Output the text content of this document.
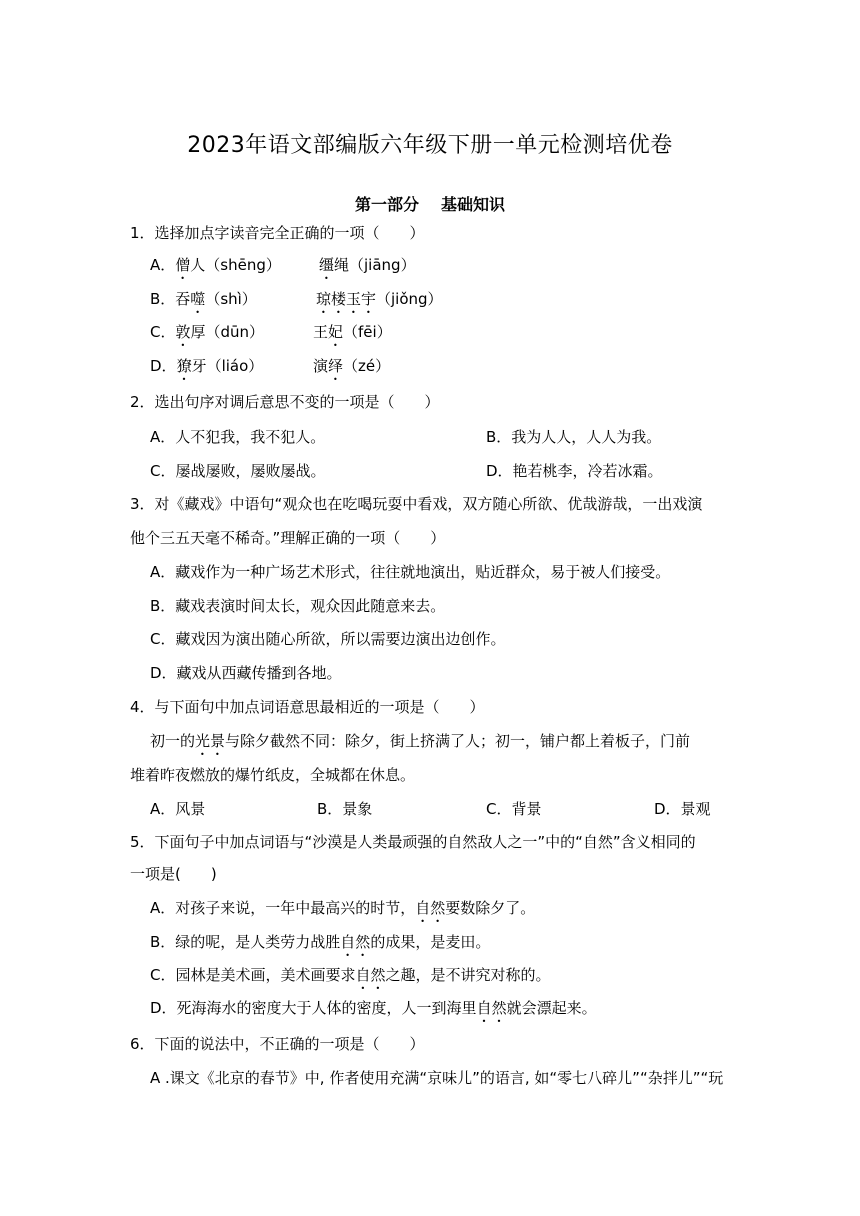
2023年语文部编版六年级下册一单元检测培优卷
第一部分 基础知识
1．选择加点字读音完全正确的一项（　　）
A．僧人（shēng）	缰绳（jiāng）
B．吞噬（shì）	琼楼玉宇（jiǒng）
C．敦厚（dūn）	王妃（fēi）
D．獠牙（liáo）	演绎（zé）
2．选出句序对调后意思不变的一项是（　　）
A．人不犯我，我不犯人。	B．我为人人，人人为我。
C．屡战屡败，屡败屡战。	D．艳若桃李，冷若冰霜。
3．对《藏戏》中语句“观众也在吃喝玩耍中看戏，双方随心所欲、优哉游哉，一出戏演
他个三五天毫不稀奇。”理解正确的一项（　　）
A．藏戏作为一种广场艺术形式，往往就地演出，贴近群众，易于被人们接受。
B．藏戏表演时间太长，观众因此随意来去。
C．藏戏因为演出随心所欲，所以需要边演出边创作。
D．藏戏从西藏传播到各地。
4．与下面句中加点词语意思最相近的一项是（　　）
初一的光景与除夕截然不同：除夕，街上挤满了人；初一，铺户都上着板子，门前
堆着昨夜燃放的爆竹纸皮，全城都在休息。
A．风景	B．景象	C．背景	D．景观
5．下面句子中加点词语与“沙漠是人类最顽强的自然敌人之一”中的“自然”含义相同的
一项是(　　)
A．对孩子来说，一年中最高兴的时节，自然要数除夕了。
B．绿的呢，是人类劳力战胜自然的成果，是麦田。
C．园林是美术画，美术画要求自然之趣，是不讲究对称的。
D．死海海水的密度大于人体的密度，人一到海里自然就会漂起来。
6．下面的说法中，不正确的一项是（　　）
A .课文《北京的春节》中, 作者使用充满“京味儿”的语言, 如“零七八碎儿”“杂拌儿”“玩
